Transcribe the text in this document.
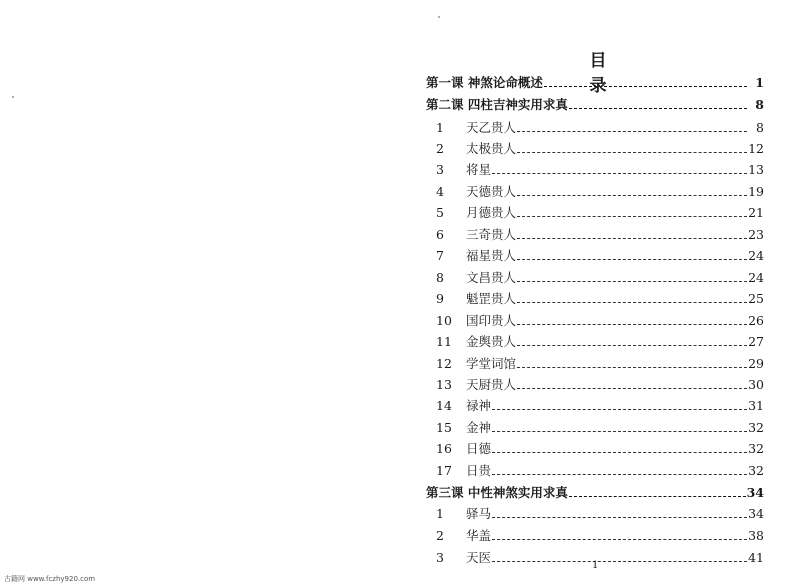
目 录
第一课 神煞论命概述	1
第二课 四柱吉神实用求真	8
1	天乙贵人	8
2	太极贵人	12
3	将星	13
4	天德贵人	19
5	月德贵人	21
6	三奇贵人	23
7	福星贵人	24
8	文昌贵人	24
9	魁罡贵人	25
10	国印贵人	26
11	金舆贵人	27
12	学堂词馆	29
13	天厨贵人	30
14	禄神	31
15	金神	32
16	日德	32
17	日贵	32
第三课 中性神煞实用求真	34
1	驿马	34
2	华盖	38
3	天医	41
1
古籍网 www.fczhy920.com
